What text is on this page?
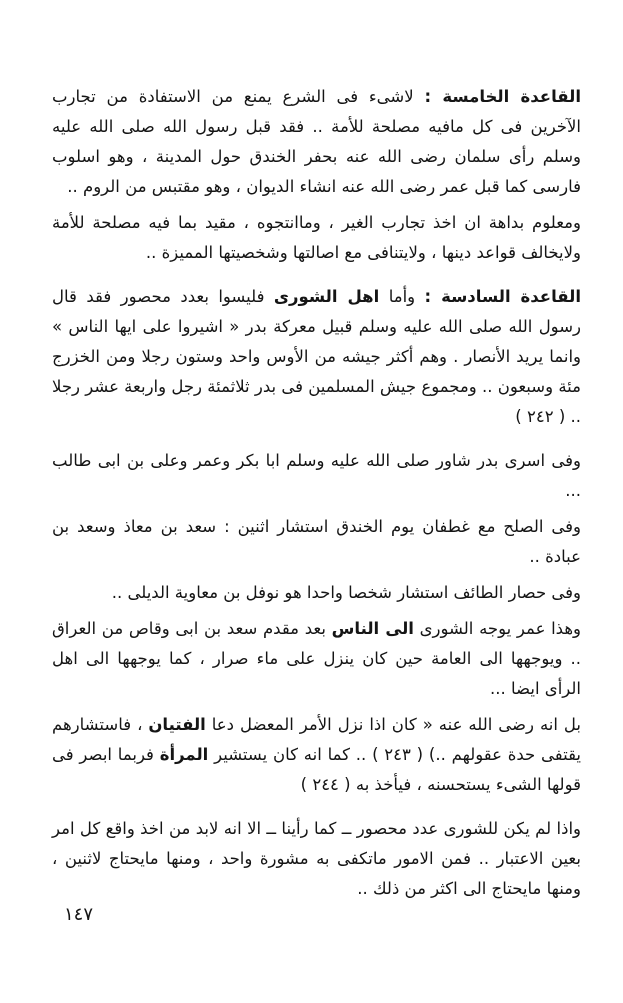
القاعدة الخامسة : لاشىء فى الشرع يمنع من الاستفادة من تجارب الآخرين فى كل مافيه مصلحة للأمة .. فقد قبل رسول الله صلى الله عليه وسلم رأى سلمان رضى الله عنه بحفر الخندق حول المدينة ، وهو اسلوب فارسى كما قبل عمر رضى الله عنه انشاء الديوان ، وهو مقتبس من الروم ..

ومعلوم بداهة ان اخذ تجارب الغير ، وماانتجوه ، مقيد بما فيه مصلحة للأمة ولايخالف قواعد دينها ، ولايتنافى مع اصالتها وشخصيتها المميزة ..

القاعدة السادسة : وأما اهل الشورى فليسوا بعدد محصور فقد قال رسول الله صلى الله عليه وسلم قبيل معركة بدر « اشيروا على ايها الناس » وانما يريد الأنصار . وهم أكثر جيشه من الأوس واحد وستون رجلا ومن الخزرج مئة وسبعون .. ومجموع جيش المسلمين فى بدر ثلاثمئة رجل واربعة عشر رجلا .. ( ٢٤٢ )

وفى اسرى بدر شاور صلى الله عليه وسلم ابا بكر وعمر وعلى بن ابى طالب ...

وفى الصلح مع غطفان يوم الخندق استشار اثنين : سعد بن معاذ وسعد بن عبادة ..

وفى حصار الطائف استشار شخصا واحدا هو نوفل بن معاوية الديلى ..

وهذا عمر يوجه الشورى الى الناس بعد مقدم سعد بن ابى وقاص من العراق .. ويوجهها الى العامة حين كان ينزل على ماء صرار ، كما يوجهها الى اهل الرأى ايضا ...

بل انه رضى الله عنه « كان اذا نزل الأمر المعضل دعا الفتيان ، فاستشارهم يقتفى حدة عقولهم ..) ( ٢٤٣ ) .. كما انه كان يستشير المرأة فربما ابصر فى قولها الشىء يستحسنه ، فيأخذ به ( ٢٤٤ )

واذا لم يكن للشورى عدد محصور ــ كما رأينا ــ الا انه لابد من اخذ واقع كل امر بعين الاعتبار .. فمن الامور ماتكفى به مشورة واحد ، ومنها مايحتاج لاثنين ، ومنها مايحتاج الى اكثر من ذلك ..

١٤٧
